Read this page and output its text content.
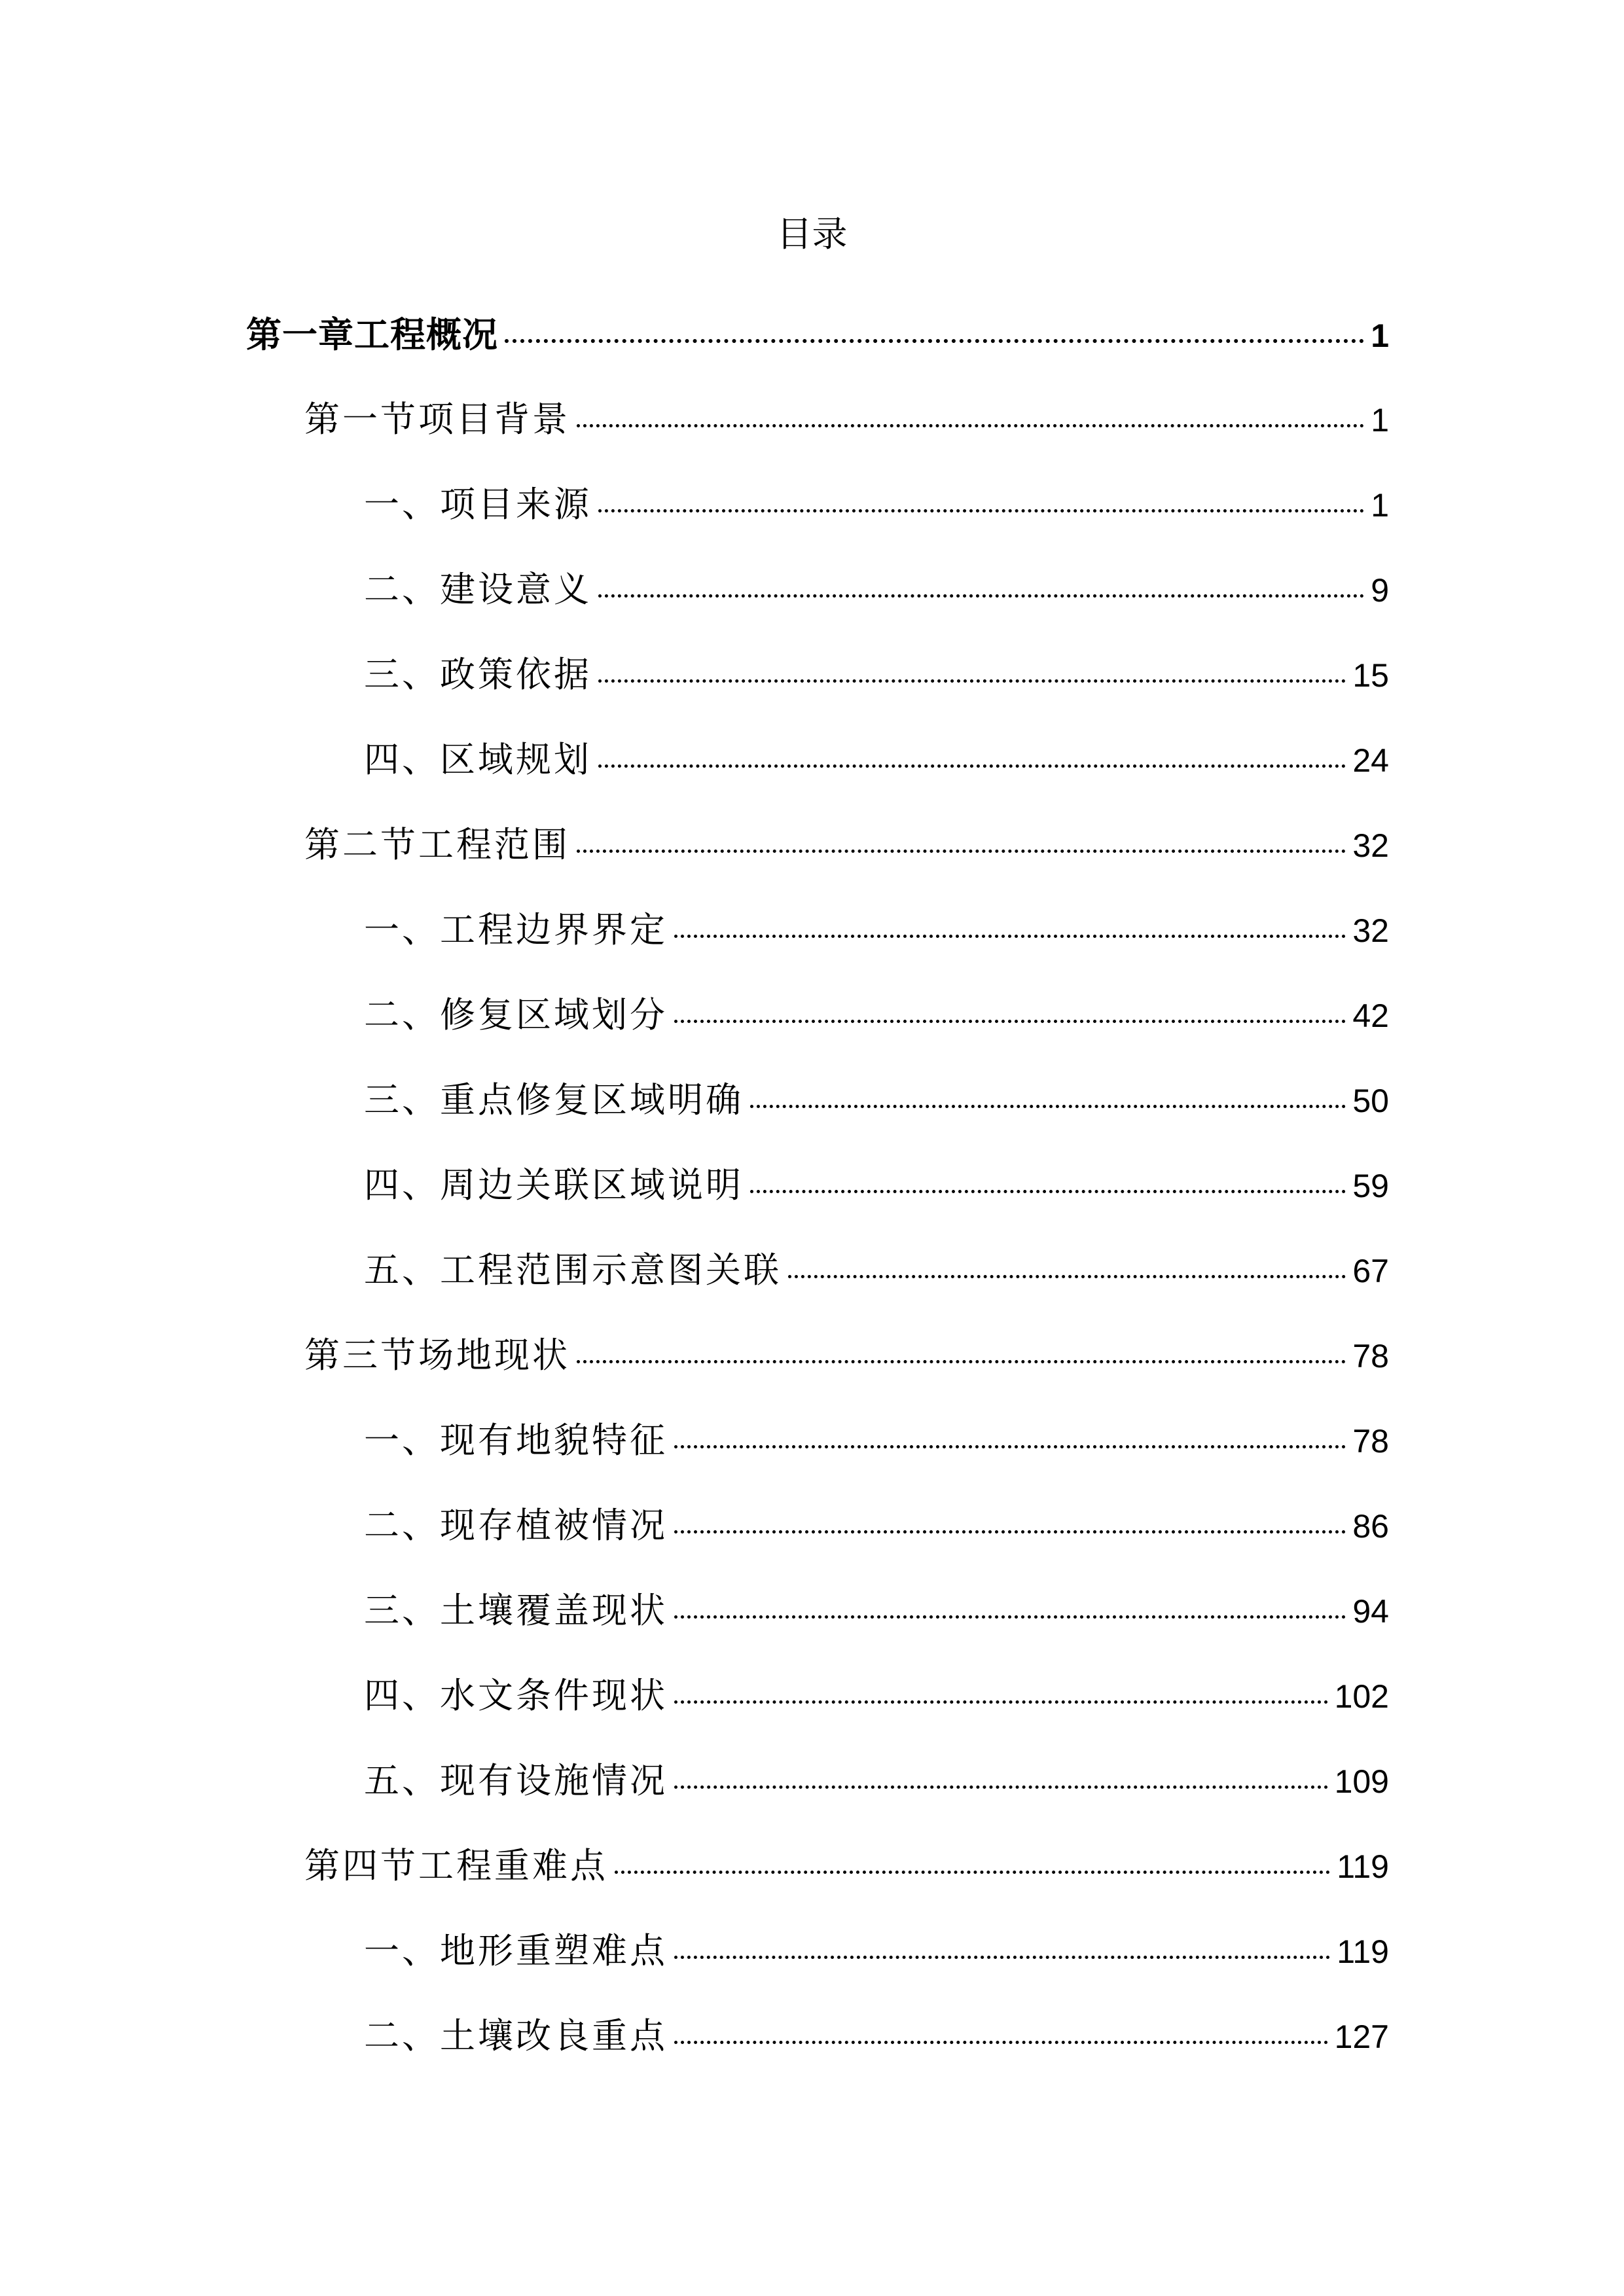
目录
第一章工程概况	1
第一节项目背景	1
一、项目来源	1
二、建设意义	9
三、政策依据	15
四、区域规划	24
第二节工程范围	32
一、工程边界界定	32
二、修复区域划分	42
三、重点修复区域明确	50
四、周边关联区域说明	59
五、工程范围示意图关联	67
第三节场地现状	78
一、现有地貌特征	78
二、现存植被情况	86
三、土壤覆盖现状	94
四、水文条件现状	102
五、现有设施情况	109
第四节工程重难点	119
一、地形重塑难点	119
二、土壤改良重点	127
